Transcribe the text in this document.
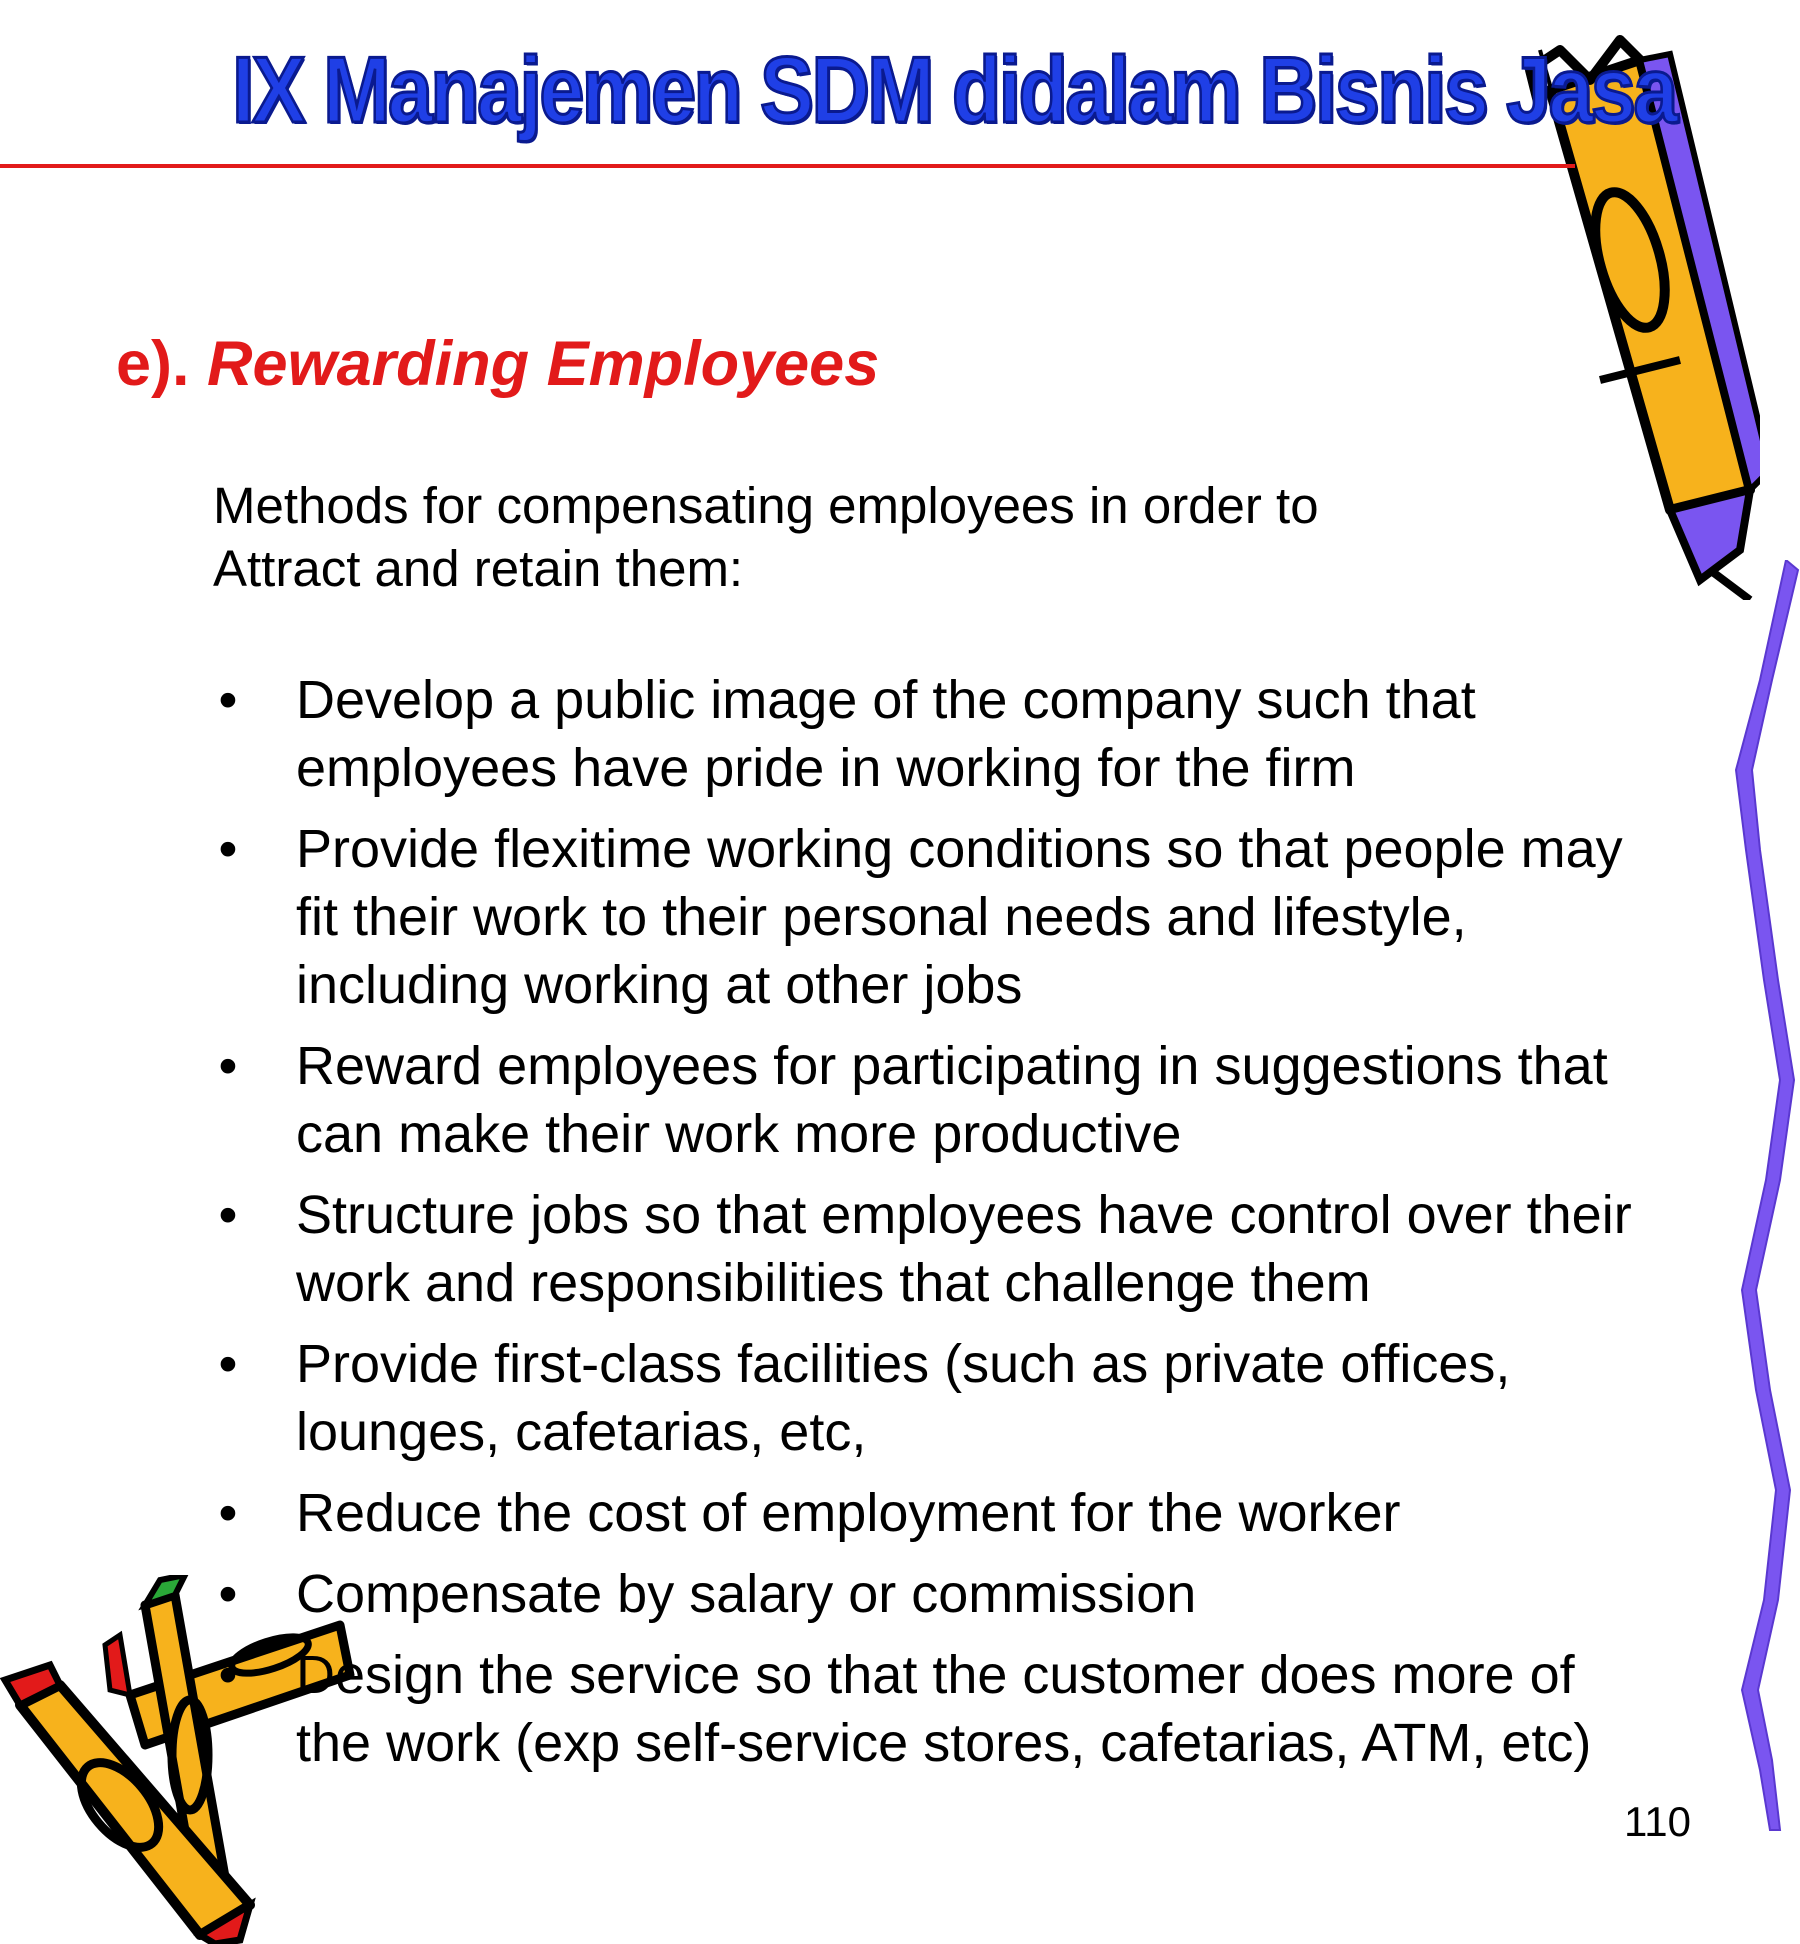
IX Manajemen SDM didalam Bisnis Jasa
e). Rewarding Employees
Methods for compensating employees in order to
Attract and retain them:
• Develop a public image of the company such that
employees have pride in working for the firm
• Provide flexitime working conditions so that people may
fit their work to their personal needs and lifestyle,
including working at other jobs
• Reward employees for participating in suggestions that
can make their work more productive
• Structure jobs so that employees have control over their
work and responsibilities that challenge them
• Provide first-class facilities (such as private offices,
lounges, cafetarias, etc,
• Reduce the cost of employment for the worker
• Compensate by salary or commission
• Design the service so that the customer does more of
the work (exp self-service stores, cafetarias, ATM, etc)
110
